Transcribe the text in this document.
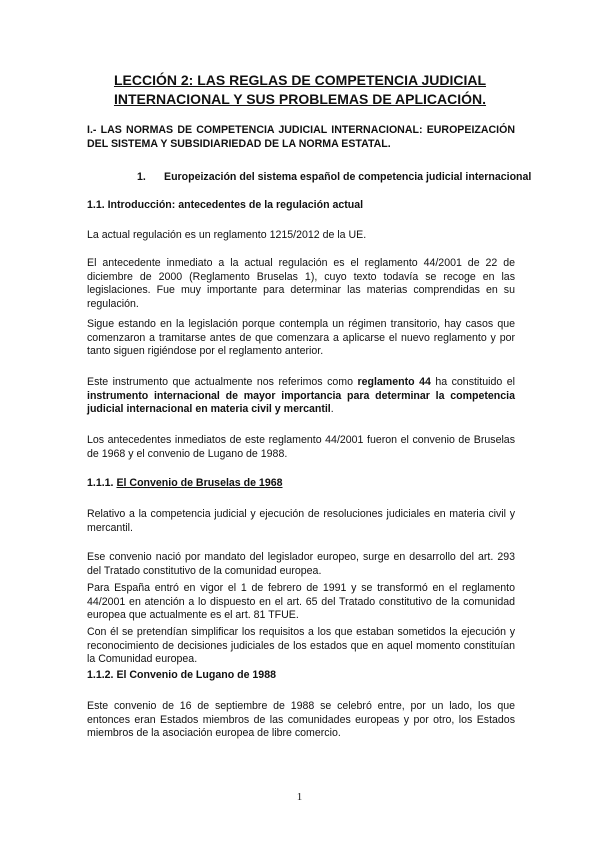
LECCIÓN 2: LAS REGLAS DE COMPETENCIA JUDICIAL
INTERNACIONAL Y SUS PROBLEMAS DE APLICACIÓN.

I.- LAS NORMAS DE COMPETENCIA JUDICIAL INTERNACIONAL: EUROPEIZACIÓN DEL SISTEMA Y SUBSIDIARIEDAD DE LA NORMA ESTATAL.

1. Europeización del sistema español de competencia judicial internacional

1.1. Introducción: antecedentes de la regulación actual

La actual regulación es un reglamento 1215/2012 de la UE.

El antecedente inmediato a la actual regulación es el reglamento 44/2001 de 22 de diciembre de 2000 (Reglamento Bruselas 1), cuyo texto todavía se recoge en las legislaciones. Fue muy importante para determinar las materias comprendidas en su regulación.

Sigue estando en la legislación porque contempla un régimen transitorio, hay casos que comenzaron a tramitarse antes de que comenzara a aplicarse el nuevo reglamento y por tanto siguen rigiéndose por el reglamento anterior.

Este instrumento que actualmente nos referimos como reglamento 44 ha constituido el instrumento internacional de mayor importancia para determinar la competencia judicial internacional en materia civil y mercantil.

Los antecedentes inmediatos de este reglamento 44/2001 fueron el convenio de Bruselas de 1968 y el convenio de Lugano de 1988.

1.1.1. El Convenio de Bruselas de 1968

Relativo a la competencia judicial y ejecución de resoluciones judiciales en materia civil y mercantil.

Ese convenio nació por mandato del legislador europeo, surge en desarrollo del art. 293 del Tratado constitutivo de la comunidad europea.

Para España entró en vigor el 1 de febrero de 1991 y se transformó en el reglamento 44/2001 en atención a lo dispuesto en el art. 65 del Tratado constitutivo de la comunidad europea que actualmente es el art. 81 TFUE.

Con él se pretendían simplificar los requisitos a los que estaban sometidos la ejecución y reconocimiento de decisiones judiciales de los estados que en aquel momento constituían la Comunidad europea.

1.1.2. El Convenio de Lugano de 1988

Este convenio de 16 de septiembre de 1988 se celebró entre, por un lado, los que entonces eran Estados miembros de las comunidades europeas y por otro, los Estados miembros de la asociación europea de libre comercio.

1
